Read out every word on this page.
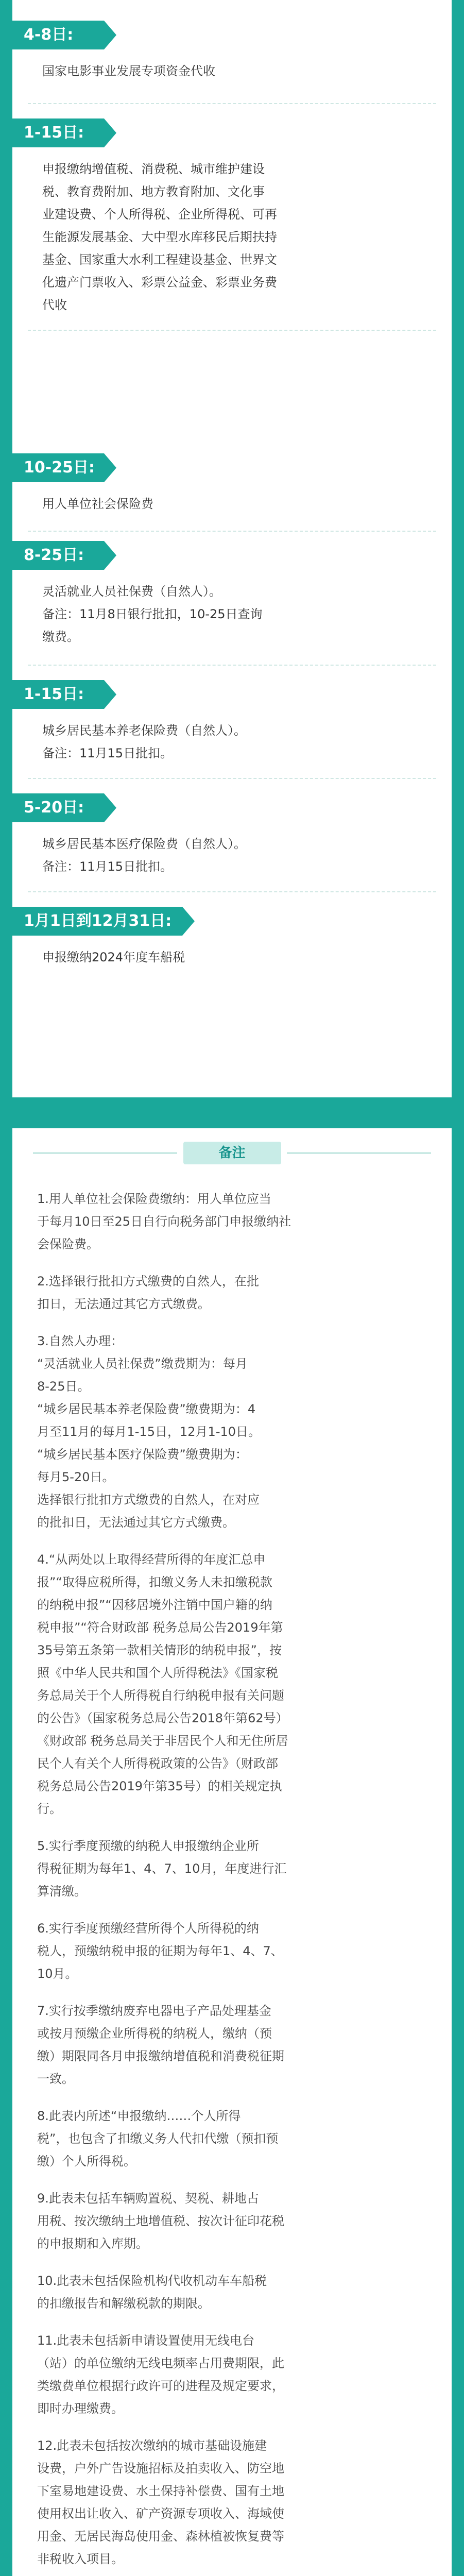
4-8日:
国家电影事业发展专项资金代收
1-15日:
申报缴纳增值税、消费税、城市维护建设
税、教育费附加、地方教育附加、文化事
业建设费、个人所得税、企业所得税、可再
生能源发展基金、大中型水库移民后期扶持
基金、国家重大水利工程建设基金、世界文
化遗产门票收入、彩票公益金、彩票业务费
代收
10-25日:
用人单位社会保险费
8-25日:
灵活就业人员社保费（自然人）。
备注：11月8日银行批扣，10-25日查询
缴费。
1-15日:
城乡居民基本养老保险费（自然人）。
备注：11月15日批扣。
5-20日:
城乡居民基本医疗保险费（自然人）。
备注：11月15日批扣。
1月1日到12月31日:
申报缴纳2024年度车船税
备注
1.用人单位社会保险费缴纳：用人单位应当
于每月10日至25日自行向税务部门申报缴纳社
会保险费。
2.选择银行批扣方式缴费的自然人，在批
扣日，无法通过其它方式缴费。
3.自然人办理：
“灵活就业人员社保费”缴费期为：每月
8-25日。
“城乡居民基本养老保险费”缴费期为：4
月至11月的每月1-15日，12月1-10日。
“城乡居民基本医疗保险费”缴费期为：
每月5-20日。
选择银行批扣方式缴费的自然人，在对应
的批扣日，无法通过其它方式缴费。
4.“从两处以上取得经营所得的年度汇总申
报”“取得应税所得，扣缴义务人未扣缴税款
的纳税申报”“因移居境外注销中国户籍的纳
税申报”“符合财政部 税务总局公告2019年第
35号第五条第一款相关情形的纳税申报”，按
照《中华人民共和国个人所得税法》《国家税
务总局关于个人所得税自行纳税申报有关问题
的公告》（国家税务总局公告2018年第62号）
《财政部 税务总局关于非居民个人和无住所居
民个人有关个人所得税政策的公告》（财政部
税务总局公告2019年第35号）的相关规定执
行。
5.实行季度预缴的纳税人申报缴纳企业所
得税征期为每年1、4、7、10月，年度进行汇
算清缴。
6.实行季度预缴经营所得个人所得税的纳
税人，预缴纳税申报的征期为每年1、4、7、
10月。
7.实行按季缴纳废弃电器电子产品处理基金
或按月预缴企业所得税的纳税人，缴纳（预
缴）期限同各月申报缴纳增值税和消费税征期
一致。
8.此表内所述“申报缴纳……个人所得
税”，也包含了扣缴义务人代扣代缴（预扣预
缴）个人所得税。
9.此表未包括车辆购置税、契税、耕地占
用税、按次缴纳土地增值税、按次计征印花税
的申报期和入库期。
10.此表未包括保险机构代收机动车车船税
的扣缴报告和解缴税款的期限。
11.此表未包括新申请设置使用无线电台
（站）的单位缴纳无线电频率占用费期限，此
类缴费单位根据行政许可的进程及规定要求，
即时办理缴费。
12.此表未包括按次缴纳的城市基础设施建
设费，户外广告设施招标及拍卖收入、防空地
下室易地建设费、水土保持补偿费、国有土地
使用权出让收入、矿产资源专项收入、海域使
用金、无居民海岛使用金、森林植被恢复费等
非税收入项目。
